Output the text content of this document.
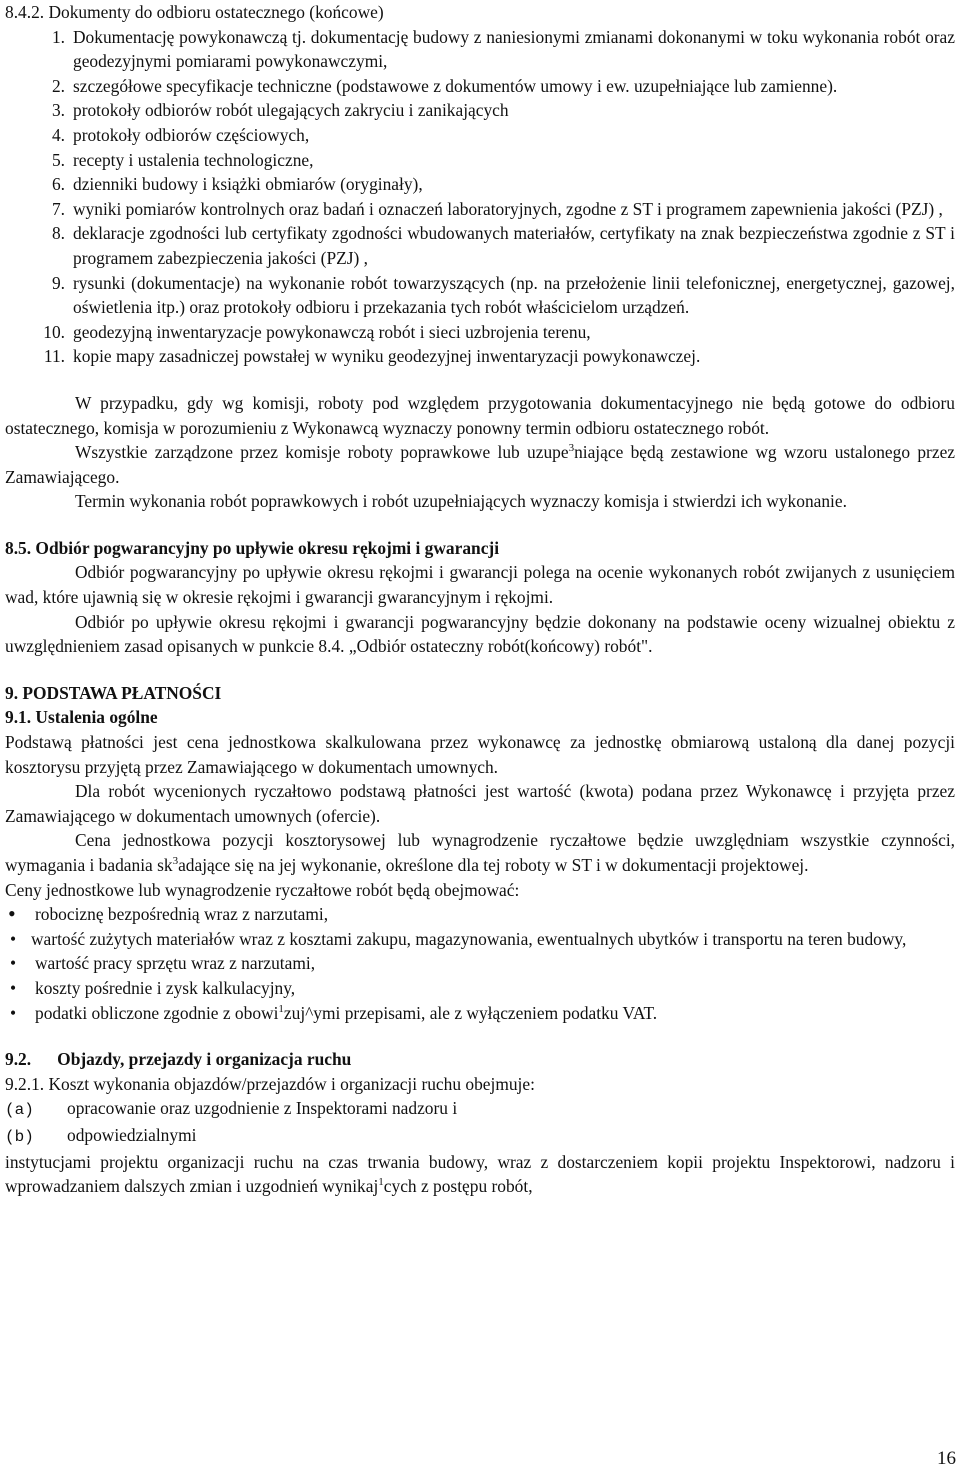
8.4.2. Dokumenty do odbioru ostatecznego (końcowe)

1. Dokumentację powykonawczą tj. dokumentację budowy z naniesionymi zmianami dokonanymi w toku wykonania robót oraz geodezyjnymi pomiarami powykonawczymi,
2. szczegółowe specyfikacje techniczne (podstawowe z dokumentów umowy i ew. uzupełniające lub zamienne).
3. protokoły odbiorów robót ulegających zakryciu i zanikających
4. protokoły odbiorów częściowych,
5. recepty i ustalenia technologiczne,
6. dzienniki budowy i książki obmiarów (oryginały),
7. wyniki pomiarów kontrolnych oraz badań i oznaczeń laboratoryjnych, zgodne z ST i programem zapewnienia jakości (PZJ) ,
8. deklaracje zgodności lub certyfikaty zgodności wbudowanych materiałów, certyfikaty na znak bezpieczeństwa zgodnie z ST i programem zabezpieczenia jakości (PZJ) ,
9. rysunki (dokumentacje) na wykonanie robót towarzyszących (np. na przełożenie linii telefonicznej, energetycznej, gazowej, oświetlenia itp.) oraz protokoły odbioru i przekazania tych robót właścicielom urządzeń.
10. geodezyjną inwentaryzacje powykonawczą robót i sieci uzbrojenia terenu,
11. kopie mapy zasadniczej powstałej w wyniku geodezyjnej inwentaryzacji powykonawczej.

W przypadku, gdy wg komisji, roboty pod względem przygotowania dokumentacyjnego nie będą gotowe do odbioru ostatecznego, komisja w porozumieniu z Wykonawcą wyznaczy ponowny termin odbioru ostatecznego robót.

Wszystkie zarządzone przez komisje roboty poprawkowe lub uzupe$^3$niające będą zestawione wg wzoru ustalonego przez Zamawiającego.

Termin wykonania robót poprawkowych i robót uzupełniających wyznaczy komisja i stwierdzi ich wykonanie.

8.5. Odbiór pogwarancyjny po upływie okresu rękojmi i gwarancji

Odbiór pogwarancyjny po upływie okresu rękojmi i gwarancji polega na ocenie wykonanych robót zwijanych z usunięciem wad, które ujawnią się w okresie rękojmi i gwarancji gwarancyjnym i rękojmi.

Odbiór po upływie okresu rękojmi i gwarancji pogwarancyjny będzie dokonany na podstawie oceny wizualnej obiektu z uwzględnieniem zasad opisanych w punkcie 8.4. „Odbiór ostateczny robót(końcowy) robót".

9. PODSTAWA PŁATNOŚCI

9.1. Ustalenia ogólne

Podstawą płatności jest cena jednostkowa skalkulowana przez wykonawcę za jednostkę obmiarową ustaloną dla danej pozycji kosztorysu przyjętą przez Zamawiającego w dokumentach umownych.

Dla robót wycenionych ryczałtowo podstawą płatności jest wartość (kwota) podana przez Wykonawcę i przyjęta przez Zamawiającego w dokumentach umownych (ofercie).

Cena jednostkowa pozycji kosztorysowej lub wynagrodzenie ryczałtowe będzie uwzględniam wszystkie czynności, wymagania i badania $sk^3adające$ się na jej wykonanie, określone dla tej roboty w ST i w dokumentacji projektowej.

Ceny jednostkowe lub wynagrodzenie ryczałtowe robót będą obejmować:

• robociznę bezpośrednią wraz z narzutami,
• wartość zużytych materiałów wraz z kosztami zakupu, magazynowania, ewentualnych ubytków i transportu na teren budowy,
• wartość pracy sprzętu wraz z narzutami,
• koszty pośrednie i zysk kalkulacyjny,
• podatki obliczone zgodnie z obowi$^1$zuj^ymi przepisami, ale z wyłączeniem podatku VAT.

9.2.      Objazdy, przejazdy i organizacja ruchu

9.2.1. Koszt wykonania objazdów/przejazdów i organizacji ruchu obejmuje:

(a) opracowanie oraz uzgodnienie z Inspektorami nadzoru i

(b) odpowiedzialnymi

instytucjami projektu organizacji ruchu na czas trwania budowy, wraz z dostarczeniem kopii projektu Inspektorowi, nadzoru i wprowadzaniem dalszych zmian i uzgodnień wynikaj$^1$cych z postępu robót,

16
